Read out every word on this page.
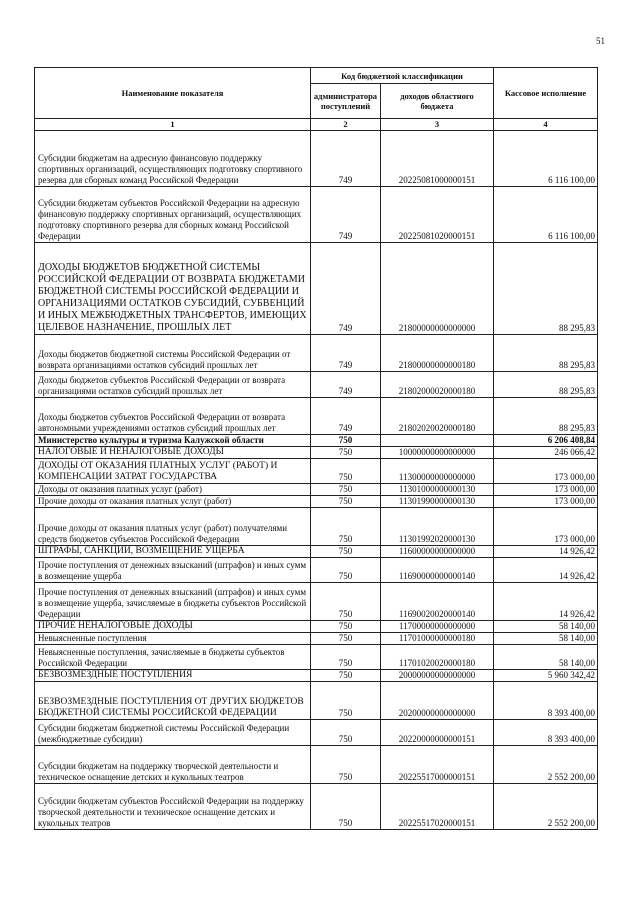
51
Наименование показателя	Код бюджетной классификации		Кассовое исполнение
	администратора поступлений	доходов областного бюджета	
1	2	3	4
Субсидии бюджетам на адресную финансовую поддержку спортивных организаций, осуществляющих подготовку спортивного резерва для сборных команд Российской Федерации	749	20225081000000151	6 116 100,00
Субсидии бюджетам субъектов Российской Федерации на адресную финансовую поддержку спортивных организаций, осуществляющих подготовку спортивного резерва для сборных команд Российской Федерации	749	20225081020000151	6 116 100,00
ДОХОДЫ БЮДЖЕТОВ БЮДЖЕТНОЙ СИСТЕМЫ РОССИЙСКОЙ ФЕДЕРАЦИИ ОТ ВОЗВРАТА БЮДЖЕТАМИ БЮДЖЕТНОЙ СИСТЕМЫ РОССИЙСКОЙ ФЕДЕРАЦИИ И ОРГАНИЗАЦИЯМИ ОСТАТКОВ СУБСИДИЙ, СУБВЕНЦИЙ И ИНЫХ МЕЖБЮДЖЕТНЫХ ТРАНСФЕРТОВ, ИМЕЮЩИХ ЦЕЛЕВОЕ НАЗНАЧЕНИЕ, ПРОШЛЫХ ЛЕТ	749	21800000000000000	88 295,83
Доходы бюджетов бюджетной системы Российской Федерации от возврата организациями остатков субсидий прошлых лет	749	21800000000000180	88 295,83
Доходы бюджетов субъектов Российской Федерации от возврата организациями остатков субсидий прошлых лет	749	21802000020000180	88 295,83
Доходы бюджетов субъектов Российской Федерации от возврата автономными учреждениями остатков субсидий прошлых лет	749	21802020020000180	88 295,83
Министерство культуры и туризма Калужской области	750		6 206 408,84
НАЛОГОВЫЕ И НЕНАЛОГОВЫЕ ДОХОДЫ	750	10000000000000000	246 066,42
ДОХОДЫ ОТ ОКАЗАНИЯ ПЛАТНЫХ УСЛУГ (РАБОТ) И КОМПЕНСАЦИИ ЗАТРАТ ГОСУДАРСТВА	750	11300000000000000	173 000,00
Доходы от оказания платных услуг (работ)	750	11301000000000130	173 000,00
Прочие доходы от оказания платных услуг (работ)	750	11301990000000130	173 000,00
Прочие доходы от оказания платных услуг (работ) получателями средств бюджетов субъектов Российской Федерации	750	11301992020000130	173 000,00
ШТРАФЫ, САНКЦИИ, ВОЗМЕЩЕНИЕ УЩЕРБА	750	11600000000000000	14 926,42
Прочие поступления от денежных взысканий (штрафов) и иных сумм в возмещение ущерба	750	11690000000000140	14 926,42
Прочие поступления от денежных взысканий (штрафов) и иных сумм в возмещение ущерба, зачисляемые в бюджеты субъектов Российской Федерации	750	11690020020000140	14 926,42
ПРОЧИЕ НЕНАЛОГОВЫЕ ДОХОДЫ	750	11700000000000000	58 140,00
Невыясненные поступления	750	11701000000000180	58 140,00
Невыясненные поступления, зачисляемые в бюджеты субъектов Российской Федерации	750	11701020020000180	58 140,00
БЕЗВОЗМЕЗДНЫЕ ПОСТУПЛЕНИЯ	750	20000000000000000	5 960 342,42
БЕЗВОЗМЕЗДНЫЕ ПОСТУПЛЕНИЯ ОТ ДРУГИХ БЮДЖЕТОВ БЮДЖЕТНОЙ СИСТЕМЫ РОССИЙСКОЙ ФЕДЕРАЦИИ	750	20200000000000000	8 393 400,00
Субсидии бюджетам бюджетной системы Российской Федерации (межбюджетные субсидии)	750	20220000000000151	8 393 400,00
Субсидии бюджетам на поддержку творческой деятельности и техническое оснащение детских и кукольных театров	750	20225517000000151	2 552 200,00
Субсидии бюджетам субъектов Российской Федерации на поддержку творческой деятельности и техническое оснащение детских и кукольных театров	750	20225517020000151	2 552 200,00
